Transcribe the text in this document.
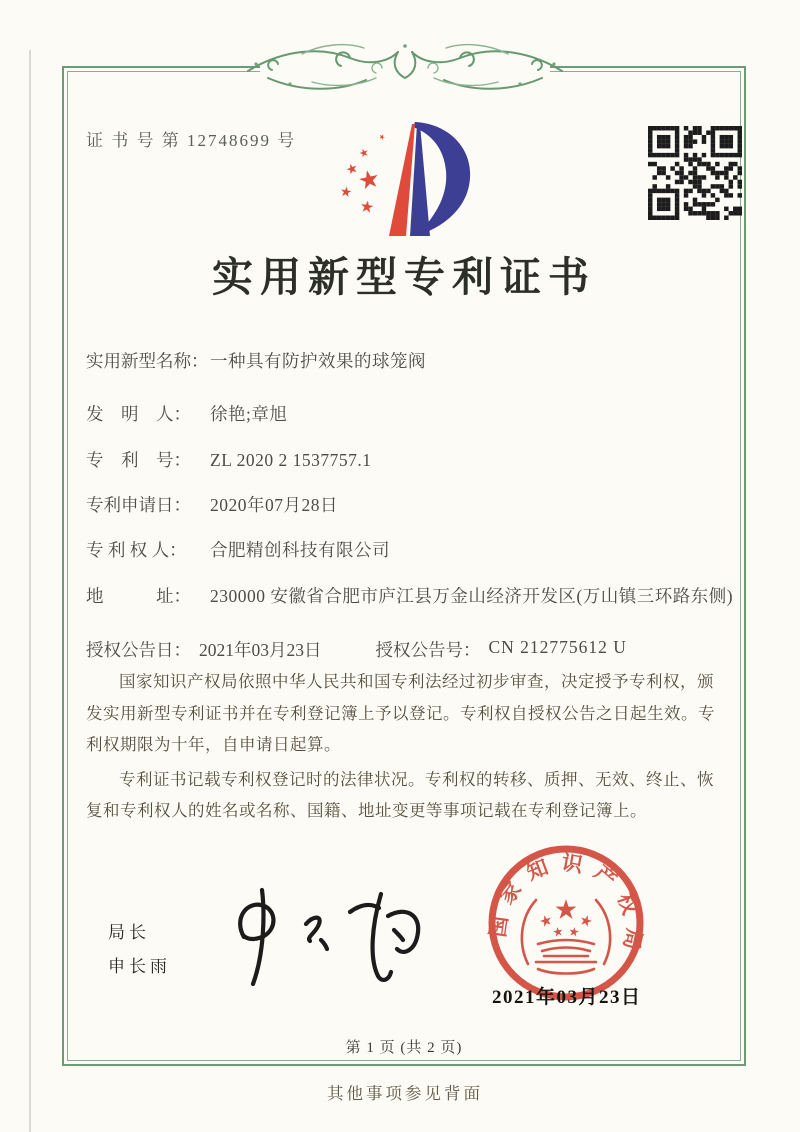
证 书 号 第 12748699 号
实用新型专利证书
实用新型名称： 一种具有防护效果的球笼阀
发　明　人：	徐艳;章旭
专　利　号：	ZL 2020 2 1537757.1
专利申请日：	2020年07月28日
专 利 权 人：	合肥精创科技有限公司
地　　　址：	230000 安徽省合肥市庐江县万金山经济开发区(万山镇三环路东侧)
授权公告日： 2021年03月23日	授权公告号： CN 212775612 U

国家知识产权局依照中华人民共和国专利法经过初步审查，决定授予专利权，颁发实用新型专利证书并在专利登记簿上予以登记。专利权自授权公告之日起生效。专利权期限为十年，自申请日起算。

专利证书记载专利权登记时的法律状况。专利权的转移、质押、无效、终止、恢复和专利权人的姓名或名称、国籍、地址变更等事项记载在专利登记簿上。

局长
申长雨
国家知识产权局
2021年03月23日
第 1 页 (共 2 页)
其他事项参见背面
